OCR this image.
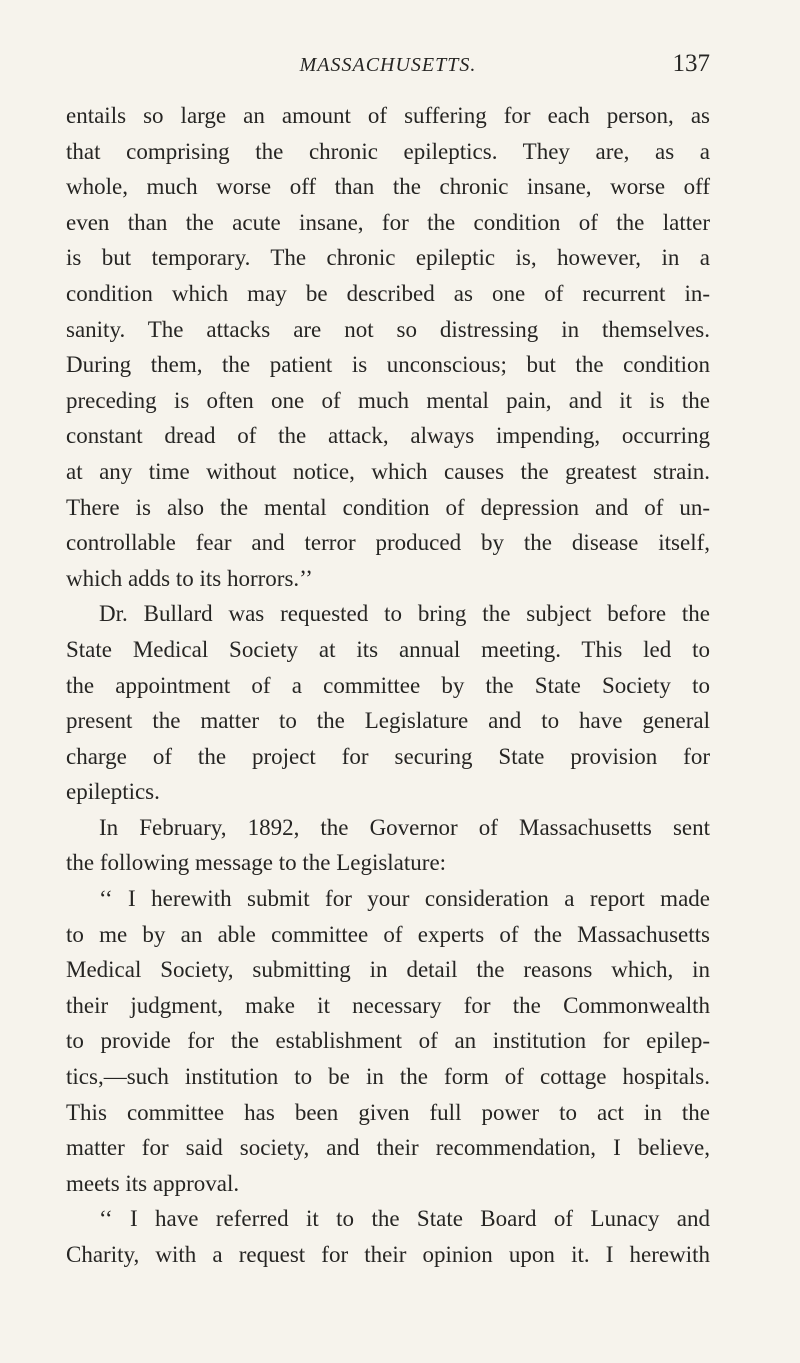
MASSACHUSETTS.	137
entails so large an amount of suffering for each person, as
that comprising the chronic epileptics. They are, as a
whole, much worse off than the chronic insane, worse off
even than the acute insane, for the condition of the latter
is but temporary. The chronic epileptic is, however, in a
condition which may be described as one of recurrent in-
sanity. The attacks are not so distressing in themselves.
During them, the patient is unconscious; but the condition
preceding is often one of much mental pain, and it is the
constant dread of the attack, always impending, occurring
at any time without notice, which causes the greatest strain.
There is also the mental condition of depression and of un-
controllable fear and terror produced by the disease itself,
which adds to its horrors.’’
Dr. Bullard was requested to bring the subject before the
State Medical Society at its annual meeting. This led to
the appointment of a committee by the State Society to
present the matter to the Legislature and to have general
charge of the project for securing State provision for
epileptics.
In February, 1892, the Governor of Massachusetts sent
the following message to the Legislature:
‘‘ I herewith submit for your consideration a report made
to me by an able committee of experts of the Massachusetts
Medical Society, submitting in detail the reasons which, in
their judgment, make it necessary for the Commonwealth
to provide for the establishment of an institution for epilep-
tics,—such institution to be in the form of cottage hospitals.
This committee has been given full power to act in the
matter for said society, and their recommendation, I believe,
meets its approval.
‘‘ I have referred it to the State Board of Lunacy and
Charity, with a request for their opinion upon it. I herewith
